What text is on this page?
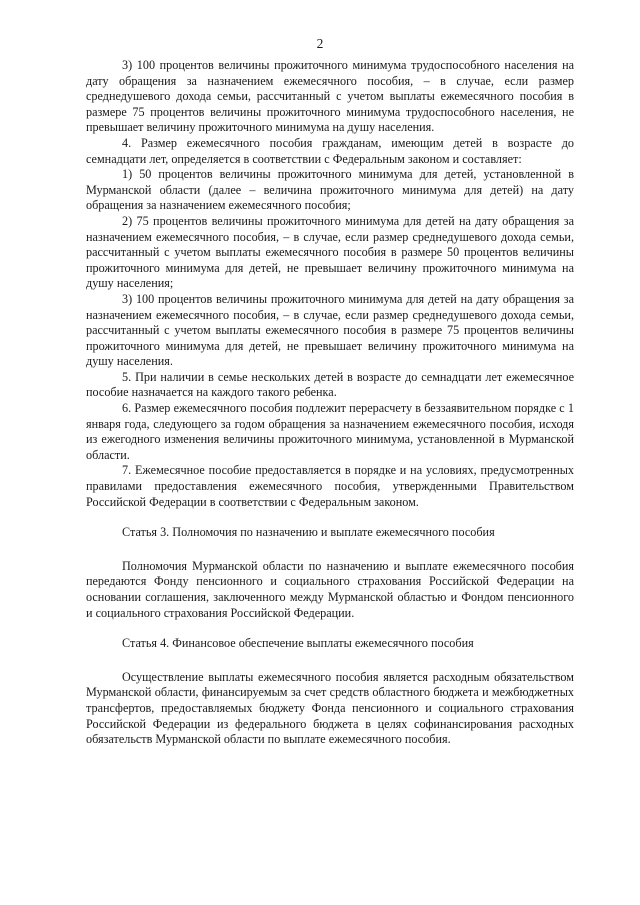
2

3) 100 процентов величины прожиточного минимума трудоспособного населения на дату обращения за назначением ежемесячного пособия, – в случае, если размер среднедушевого дохода семьи, рассчитанный с учетом выплаты ежемесячного пособия в размере 75 процентов величины прожиточного минимума трудоспособного населения, не превышает величину прожиточного минимума на душу населения.

4. Размер ежемесячного пособия гражданам, имеющим детей в возрасте до семнадцати лет, определяется в соответствии с Федеральным законом и составляет:

1) 50 процентов величины прожиточного минимума для детей, установленной в Мурманской области (далее – величина прожиточного минимума для детей) на дату обращения за назначением ежемесячного пособия;

2) 75 процентов величины прожиточного минимума для детей на дату обращения за назначением ежемесячного пособия, – в случае, если размер среднедушевого дохода семьи, рассчитанный с учетом выплаты ежемесячного пособия в размере 50 процентов величины прожиточного минимума для детей, не превышает величину прожиточного минимума на душу населения;

3) 100 процентов величины прожиточного минимума для детей на дату обращения за назначением ежемесячного пособия, – в случае, если размер среднедушевого дохода семьи, рассчитанный с учетом выплаты ежемесячного пособия в размере 75 процентов величины прожиточного минимума для детей, не превышает величину прожиточного минимума на душу населения.

5. При наличии в семье нескольких детей в возрасте до семнадцати лет ежемесячное пособие назначается на каждого такого ребенка.

6. Размер ежемесячного пособия подлежит перерасчету в беззаявительном порядке с 1 января года, следующего за годом обращения за назначением ежемесячного пособия, исходя из ежегодного изменения величины прожиточного минимума, установленной в Мурманской области.

7. Ежемесячное пособие предоставляется в порядке и на условиях, предусмотренных правилами предоставления ежемесячного пособия, утвержденными Правительством Российской Федерации в соответствии с Федеральным законом.

Статья 3. Полномочия по назначению и выплате ежемесячного пособия

Полномочия Мурманской области по назначению и выплате ежемесячного пособия передаются Фонду пенсионного и социального страхования Российской Федерации на основании соглашения, заключенного между Мурманской областью и Фондом пенсионного и социального страхования Российской Федерации.

Статья 4. Финансовое обеспечение выплаты ежемесячного пособия

Осуществление выплаты ежемесячного пособия является расходным обязательством Мурманской области, финансируемым за счет средств областного бюджета и межбюджетных трансфертов, предоставляемых бюджету Фонда пенсионного и социального страхования Российской Федерации из федерального бюджета в целях софинансирования расходных обязательств Мурманской области по выплате ежемесячного пособия.
